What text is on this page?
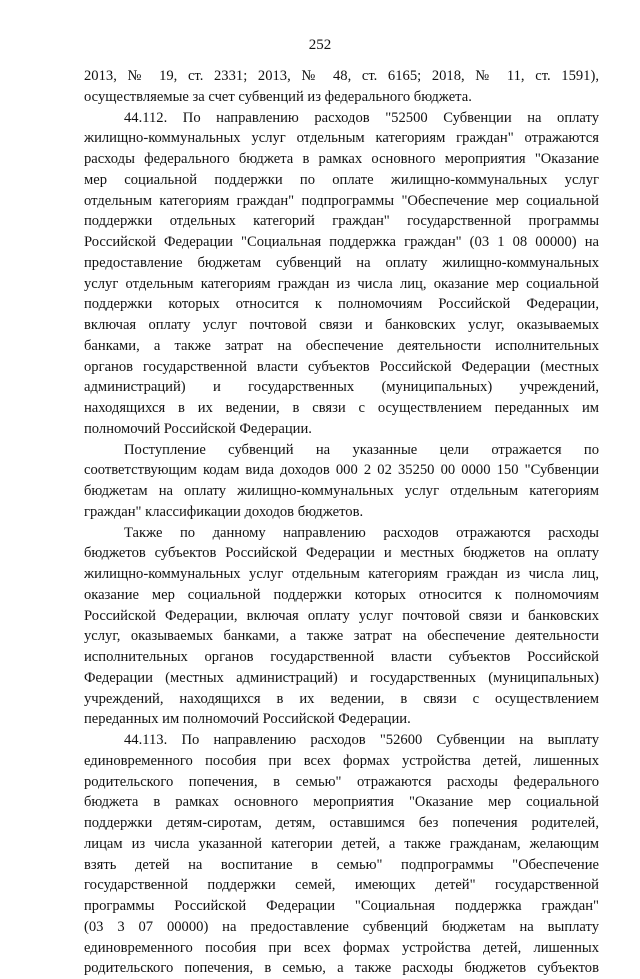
252

2013, № 19, ст. 2331; 2013, № 48, ст. 6165; 2018, № 11, ст. 1591),
осуществляемые за счет субвенций из федерального бюджета.

44.112. По направлению расходов "52500 Субвенции на оплату
жилищно-коммунальных услуг отдельным категориям граждан" отражаются
расходы федерального бюджета в рамках основного мероприятия "Оказание
мер социальной поддержки по оплате жилищно-коммунальных услуг
отдельным категориям граждан" подпрограммы "Обеспечение мер социальной
поддержки отдельных категорий граждан" государственной программы
Российской Федерации "Социальная поддержка граждан" (03 1 08 00000) на
предоставление бюджетам субвенций на оплату жилищно-коммунальных
услуг отдельным категориям граждан из числа лиц, оказание мер социальной
поддержки которых относится к полномочиям Российской Федерации,
включая оплату услуг почтовой связи и банковских услуг, оказываемых
банками, а также затрат на обеспечение деятельности исполнительных
органов государственной власти субъектов Российской Федерации (местных
администраций) и государственных (муниципальных) учреждений,
находящихся в их ведении, в связи с осуществлением переданных им
полномочий Российской Федерации.

Поступление субвенций на указанные цели отражается по
соответствующим кодам вида доходов 000 2 02 35250 00 0000 150 "Субвенции
бюджетам на оплату жилищно-коммунальных услуг отдельным категориям
граждан" классификации доходов бюджетов.

Также по данному направлению расходов отражаются расходы
бюджетов субъектов Российской Федерации и местных бюджетов на оплату
жилищно-коммунальных услуг отдельным категориям граждан из числа лиц,
оказание мер социальной поддержки которых относится к полномочиям
Российской Федерации, включая оплату услуг почтовой связи и банковских
услуг, оказываемых банками, а также затрат на обеспечение деятельности
исполнительных органов государственной власти субъектов Российской
Федерации (местных администраций) и государственных (муниципальных)
учреждений, находящихся в их ведении, в связи с осуществлением
переданных им полномочий Российской Федерации.

44.113. По направлению расходов "52600 Субвенции на выплату
единовременного пособия при всех формах устройства детей, лишенных
родительского попечения, в семью" отражаются расходы федерального
бюджета в рамках основного мероприятия "Оказание мер социальной
поддержки детям-сиротам, детям, оставшимся без попечения родителей,
лицам из числа указанной категории детей, а также гражданам, желающим
взять детей на воспитание в семью" подпрограммы "Обеспечение
государственной поддержки семей, имеющих детей" государственной
программы Российской Федерации "Социальная поддержка граждан"
(03 3 07 00000) на предоставление субвенций бюджетам на выплату
единовременного пособия при всех формах устройства детей, лишенных
родительского попечения, в семью, а также расходы бюджетов субъектов
